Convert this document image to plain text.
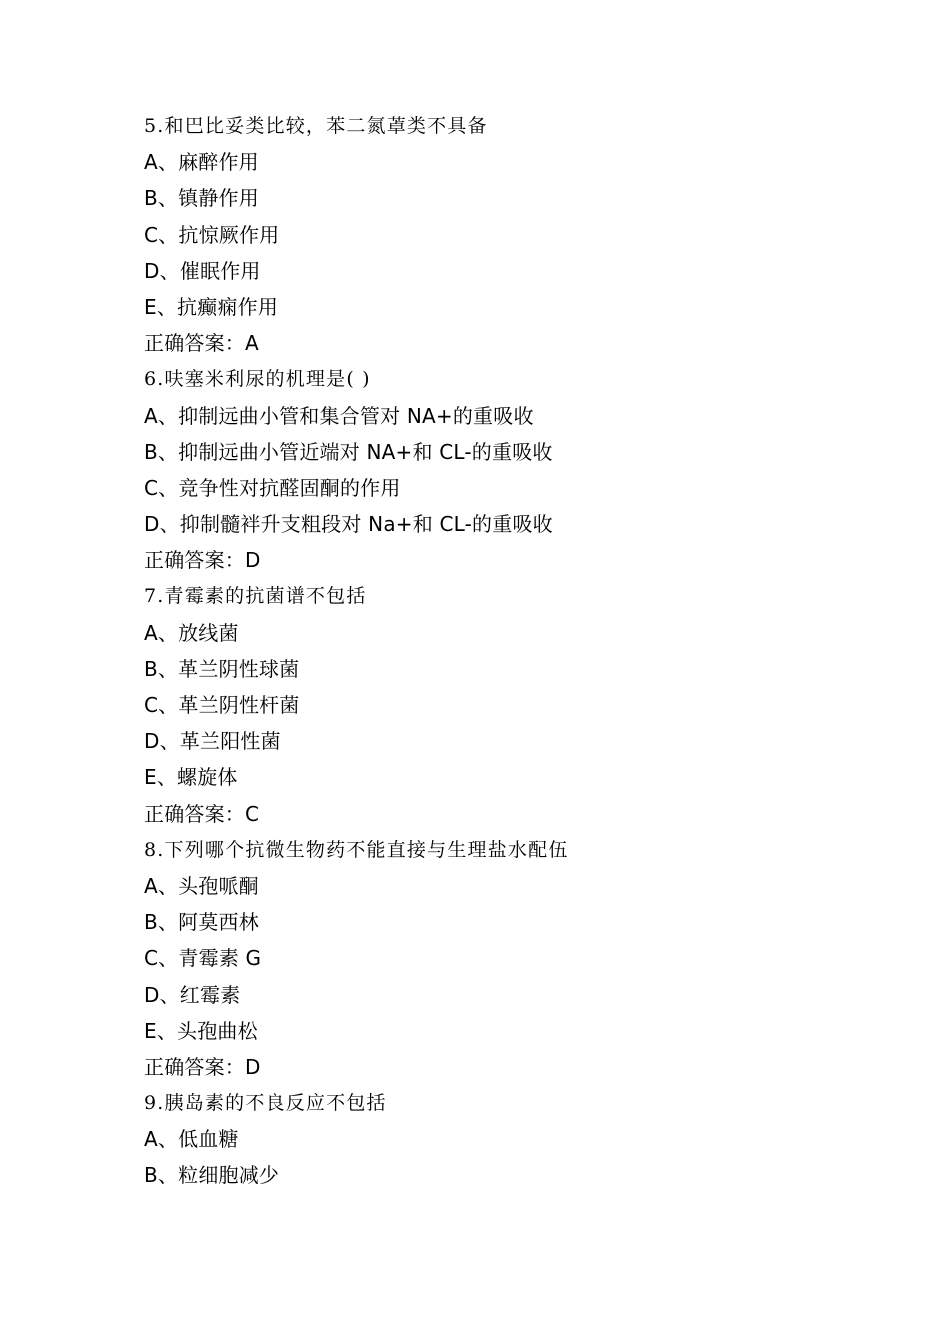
5.和巴比妥类比较，苯二氮䓬类不具备
A、麻醉作用
B、镇静作用
C、抗惊厥作用
D、催眠作用
E、抗癫痫作用
正确答案：A
6.呋塞米利尿的机理是( )
A、抑制远曲小管和集合管对 NA+的重吸收
B、抑制远曲小管近端对 NA+和 CL-的重吸收
C、竞争性对抗醛固酮的作用
D、抑制髓袢升支粗段对 Na+和 CL-的重吸收
正确答案：D
7.青霉素的抗菌谱不包括
A、放线菌
B、革兰阴性球菌
C、革兰阴性杆菌
D、革兰阳性菌
E、螺旋体
正确答案：C
8.下列哪个抗微生物药不能直接与生理盐水配伍
A、头孢哌酮
B、阿莫西林
C、青霉素 G
D、红霉素
E、头孢曲松
正确答案：D
9.胰岛素的不良反应不包括
A、低血糖
B、粒细胞减少
